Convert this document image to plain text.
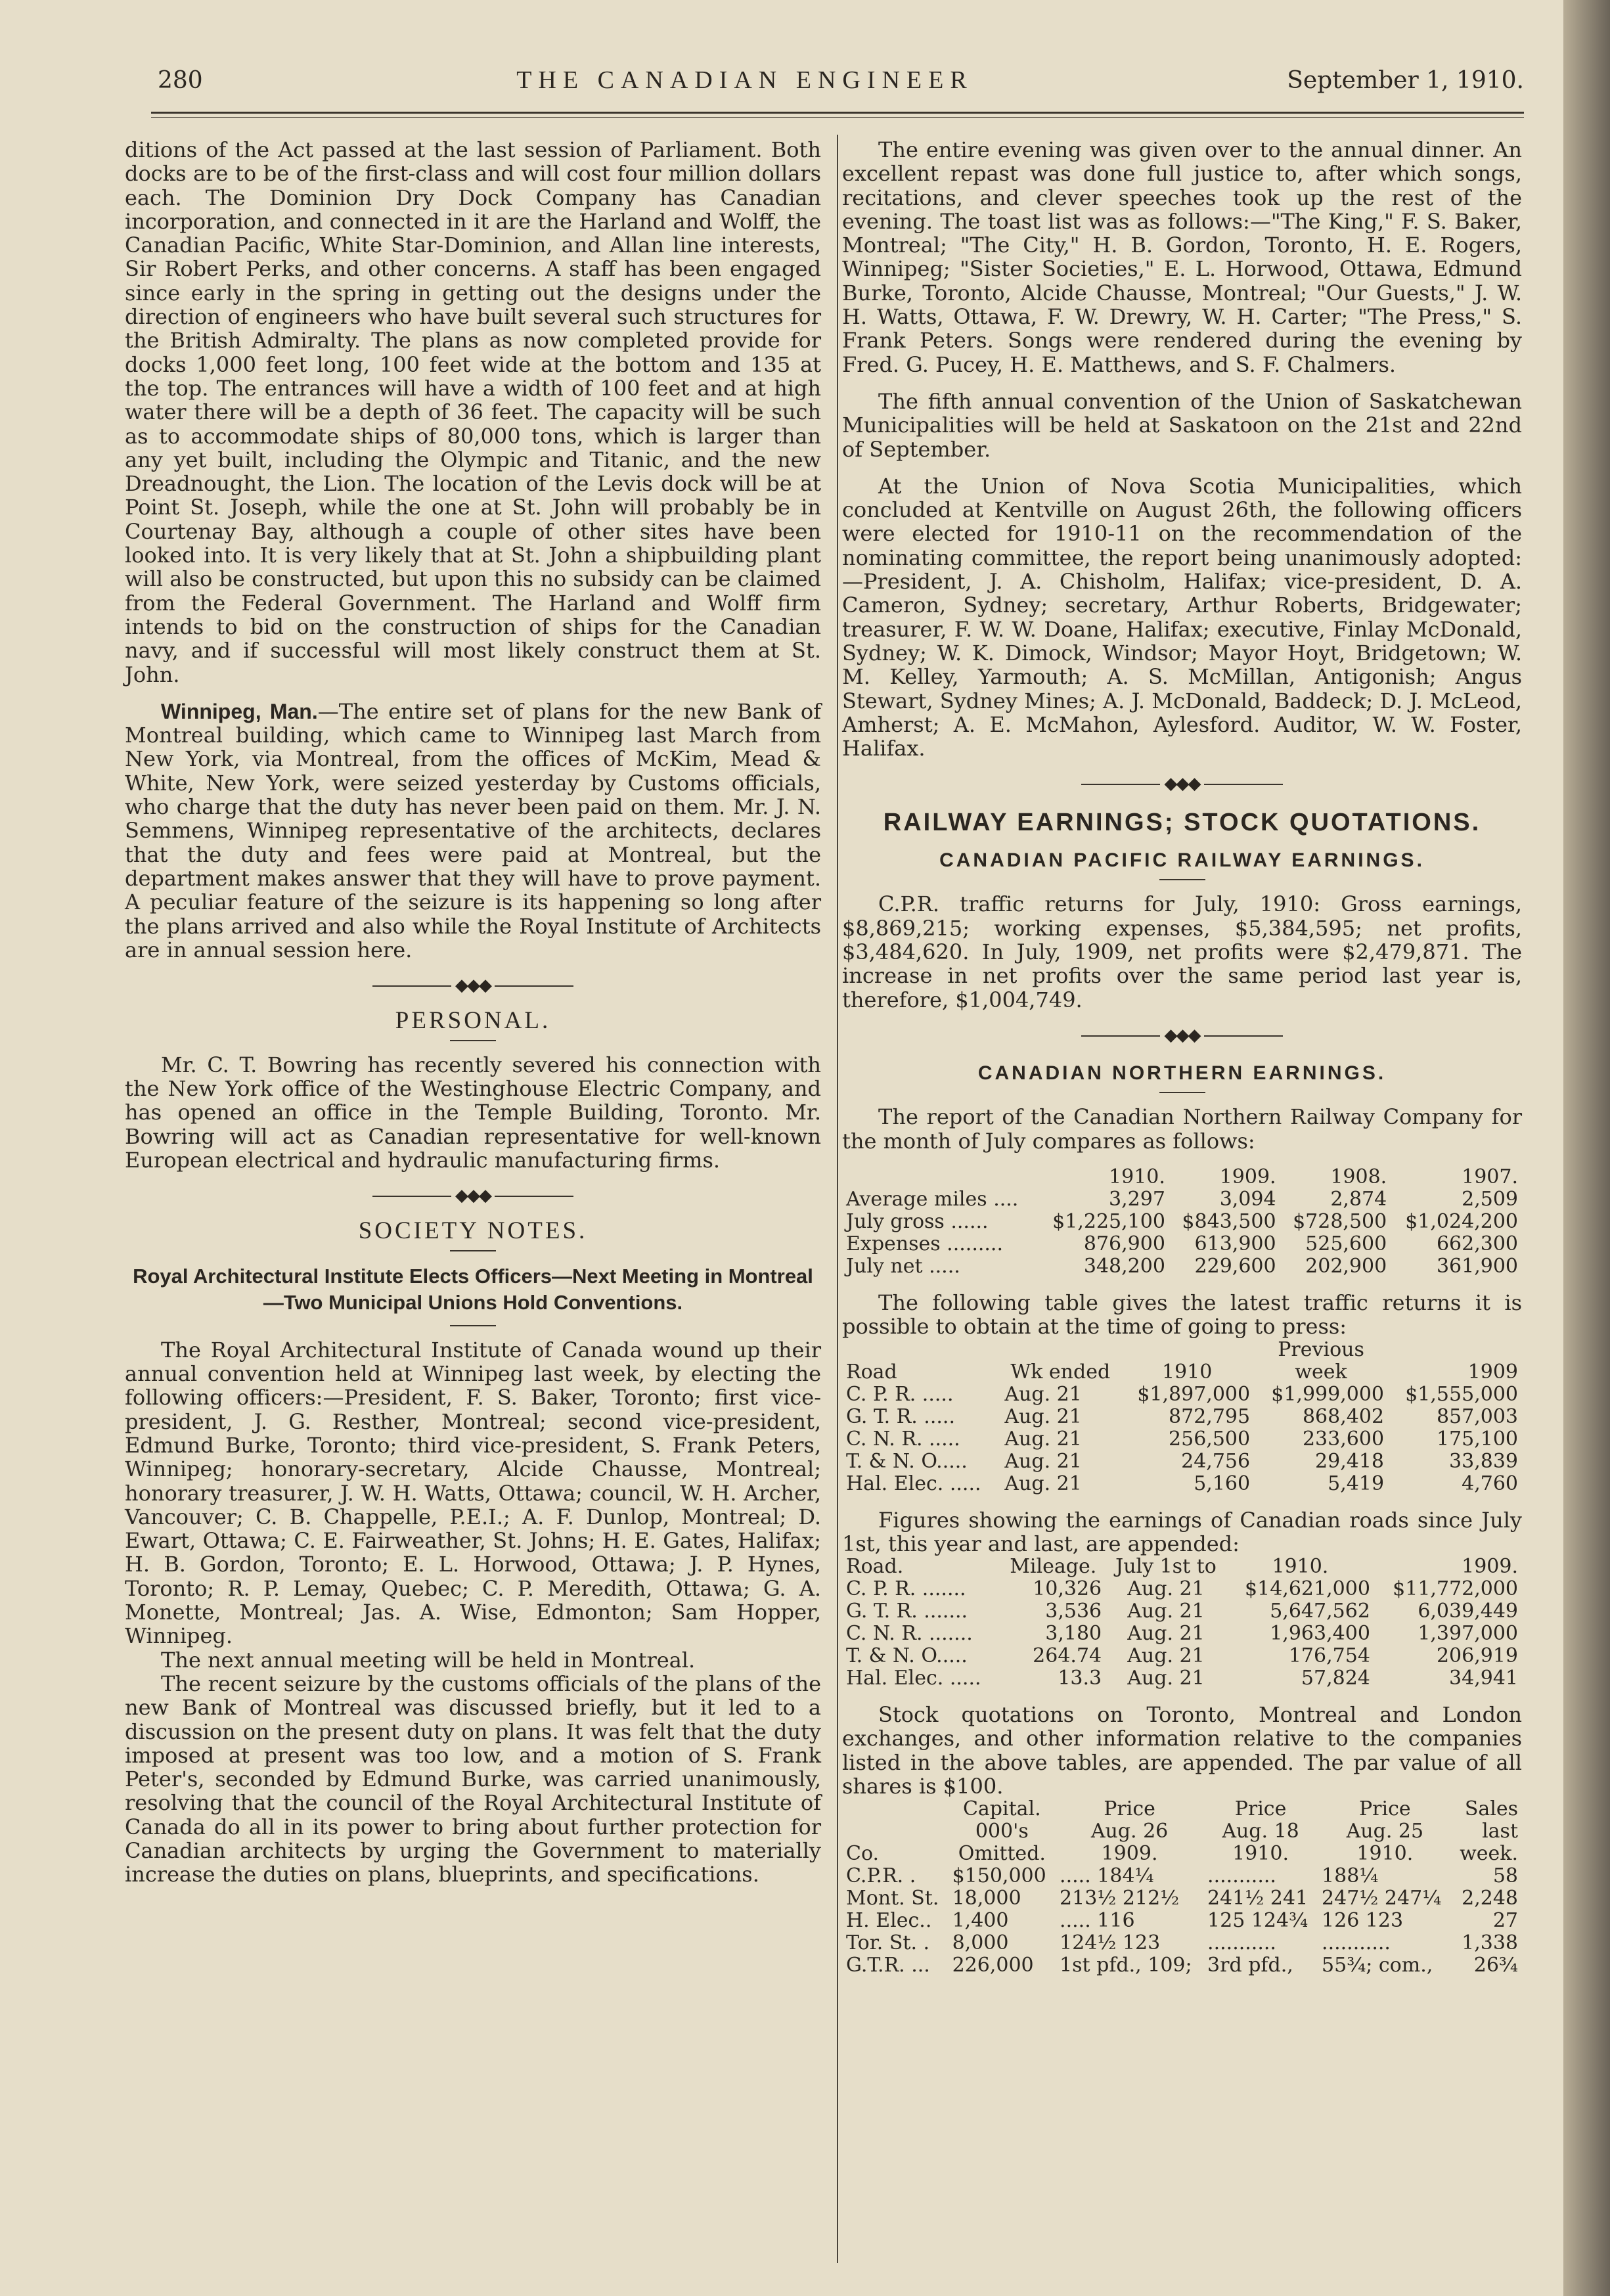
280	THE CANADIAN ENGINEER	September 1, 1910.

ditions of the Act passed at the last session of Parliament. Both docks are to be of the first-class and will cost four million dollars each. The Dominion Dry Dock Company has Canadian incorporation, and connected in it are the Harland and Wolff, the Canadian Pacific, White Star-Dominion, and Allan line interests, Sir Robert Perks, and other concerns. A staff has been engaged since early in the spring in getting out the designs under the direction of engineers who have built several such structures for the British Admiralty. The plans as now completed provide for docks 1,000 feet long, 100 feet wide at the bottom and 135 at the top. The entrances will have a width of 100 feet and at high water there will be a depth of 36 feet. The capacity will be such as to accommodate ships of 80,000 tons, which is larger than any yet built, including the Olympic and Titanic, and the new Dreadnought, the Lion. The location of the Levis dock will be at Point St. Joseph, while the one at St. John will probably be in Courtenay Bay, although a couple of other sites have been looked into. It is very likely that at St. John a shipbuilding plant will also be constructed, but upon this no subsidy can be claimed from the Federal Government. The Harland and Wolff firm intends to bid on the construction of ships for the Canadian navy, and if successful will most likely construct them at St. John.

Winnipeg, Man.—The entire set of plans for the new Bank of Montreal building, which came to Winnipeg last March from New York, via Montreal, from the offices of McKim, Mead & White, New York, were seized yesterday by Customs officials, who charge that the duty has never been paid on them. Mr. J. N. Semmens, Winnipeg representative of the architects, declares that the duty and fees were paid at Montreal, but the department makes answer that they will have to prove payment. A peculiar feature of the seizure is its happening so long after the plans arrived and also while the Royal Institute of Architects are in annual session here.

◆◆◆
PERSONAL.

Mr. C. T. Bowring has recently severed his connection with the New York office of the Westinghouse Electric Company, and has opened an office in the Temple Building, Toronto. Mr. Bowring will act as Canadian representative for well-known European electrical and hydraulic manufacturing firms.

◆◆◆
SOCIETY NOTES.
Royal Architectural Institute Elects Officers—Next Meeting in Montreal—Two Municipal Unions Hold Conventions.

The Royal Architectural Institute of Canada wound up their annual convention held at Winnipeg last week, by electing the following officers:—President, F. S. Baker, Toronto; first vice-president, J. G. Resther, Montreal; second vice-president, Edmund Burke, Toronto; third vice-president, S. Frank Peters, Winnipeg; honorary-secretary, Alcide Chausse, Montreal; honorary treasurer, J. W. H. Watts, Ottawa; council, W. H. Archer, Vancouver; C. B. Chappelle, P.E.I.; A. F. Dunlop, Montreal; D. Ewart, Ottawa; C. E. Fairweather, St. Johns; H. E. Gates, Halifax; H. B. Gordon, Toronto; E. L. Horwood, Ottawa; J. P. Hynes, Toronto; R. P. Lemay, Quebec; C. P. Meredith, Ottawa; G. A. Monette, Montreal; Jas. A. Wise, Edmonton; Sam Hopper, Winnipeg.

The next annual meeting will be held in Montreal.

The recent seizure by the customs officials of the plans of the new Bank of Montreal was discussed briefly, but it led to a discussion on the present duty on plans. It was felt that the duty imposed at present was too low, and a motion of S. Frank Peter's, seconded by Edmund Burke, was carried unanimously, resolving that the council of the Royal Architectural Institute of Canada do all in its power to bring about further protection for Canadian architects by urging the Government to materially increase the duties on plans, blueprints, and specifications.

The entire evening was given over to the annual dinner. An excellent repast was done full justice to, after which songs, recitations, and clever speeches took up the rest of the evening. The toast list was as follows:—"The King," F. S. Baker, Montreal; "The City," H. B. Gordon, Toronto, H. E. Rogers, Winnipeg; "Sister Societies," E. L. Horwood, Ottawa, Edmund Burke, Toronto, Alcide Chausse, Montreal; "Our Guests," J. W. H. Watts, Ottawa, F. W. Drewry, W. H. Carter; "The Press," S. Frank Peters. Songs were rendered during the evening by Fred. G. Pucey, H. E. Matthews, and S. F. Chalmers.

The fifth annual convention of the Union of Saskatchewan Municipalities will be held at Saskatoon on the 21st and 22nd of September.

At the Union of Nova Scotia Municipalities, which concluded at Kentville on August 26th, the following officers were elected for 1910-11 on the recommendation of the nominating committee, the report being unanimously adopted:—President, J. A. Chisholm, Halifax; vice-president, D. A. Cameron, Sydney; secretary, Arthur Roberts, Bridgewater; treasurer, F. W. W. Doane, Halifax; executive, Finlay McDonald, Sydney; W. K. Dimock, Windsor; Mayor Hoyt, Bridgetown; W. M. Kelley, Yarmouth; A. S. McMillan, Antigonish; Angus Stewart, Sydney Mines; A. J. McDonald, Baddeck; D. J. McLeod, Amherst; A. E. McMahon, Aylesford. Auditor, W. W. Foster, Halifax.

◆◆◆
RAILWAY EARNINGS; STOCK QUOTATIONS.
CANADIAN PACIFIC RAILWAY EARNINGS.

C.P.R. traffic returns for July, 1910: Gross earnings, $8,869,215; working expenses, $5,384,595; net profits, $3,484,620. In July, 1909, net profits were $2,479,871. The increase in net profits over the same period last year is, therefore, $1,004,749.

◆◆◆
CANADIAN NORTHERN EARNINGS.

The report of the Canadian Northern Railway Company for the month of July compares as follows:

	1910.	1909.	1908.	1907.
Average miles ....	3,297	3,094	2,874	2,509
July gross ......	$1,225,100	$843,500	$728,500	$1,024,200
Expenses .........	876,900	613,900	525,600	662,300
July net .....	348,200	229,600	202,900	361,900

The following table gives the latest traffic returns it is possible to obtain at the time of going to press:

			Previous	
Road	Wk ended	1910	week	1909
C. P. R. .....	Aug. 21	$1,897,000	$1,999,000	$1,555,000
G. T. R. .....	Aug. 21	872,795	868,402	857,003
C. N. R. .....	Aug. 21	256,500	233,600	175,100
T. & N. O.....	Aug. 21	24,756	29,418	33,839
Hal. Elec. .....	Aug. 21	5,160	5,419	4,760

Figures showing the earnings of Canadian roads since July 1st, this year and last, are appended:

Road.	Mileage.	July 1st to	1910.	1909.
C. P. R. .......	10,326	Aug. 21	$14,621,000	$11,772,000
G. T. R. .......	3,536	Aug. 21	5,647,562	6,039,449
C. N. R. .......	3,180	Aug. 21	1,963,400	1,397,000
T. & N. O.....	264.74	Aug. 21	176,754	206,919
Hal. Elec. .....	13.3	Aug. 21	57,824	34,941

Stock quotations on Toronto, Montreal and London exchanges, and other information relative to the companies listed in the above tables, are appended. The par value of all shares is $100.

	Capital.	Price	Price	Price	Sales
	000's	Aug. 26	Aug. 18	Aug. 25	last
Co.	Omitted.	1909.	1910.	1910.	week.
C.P.R. .	$150,000	..... 184¼	...........	188¼	58
Mont. St.	18,000	213½ 212½	241½ 241	247½ 247¼	2,248
H. Elec..	1,400	..... 116	125 124¾	126 123	27
Tor. St. .	8,000	124½ 123	...........	...........	1,338
G.T.R. ...	226,000	1st pfd., 109;	3rd pfd.,	55¾; com.,	26¾
